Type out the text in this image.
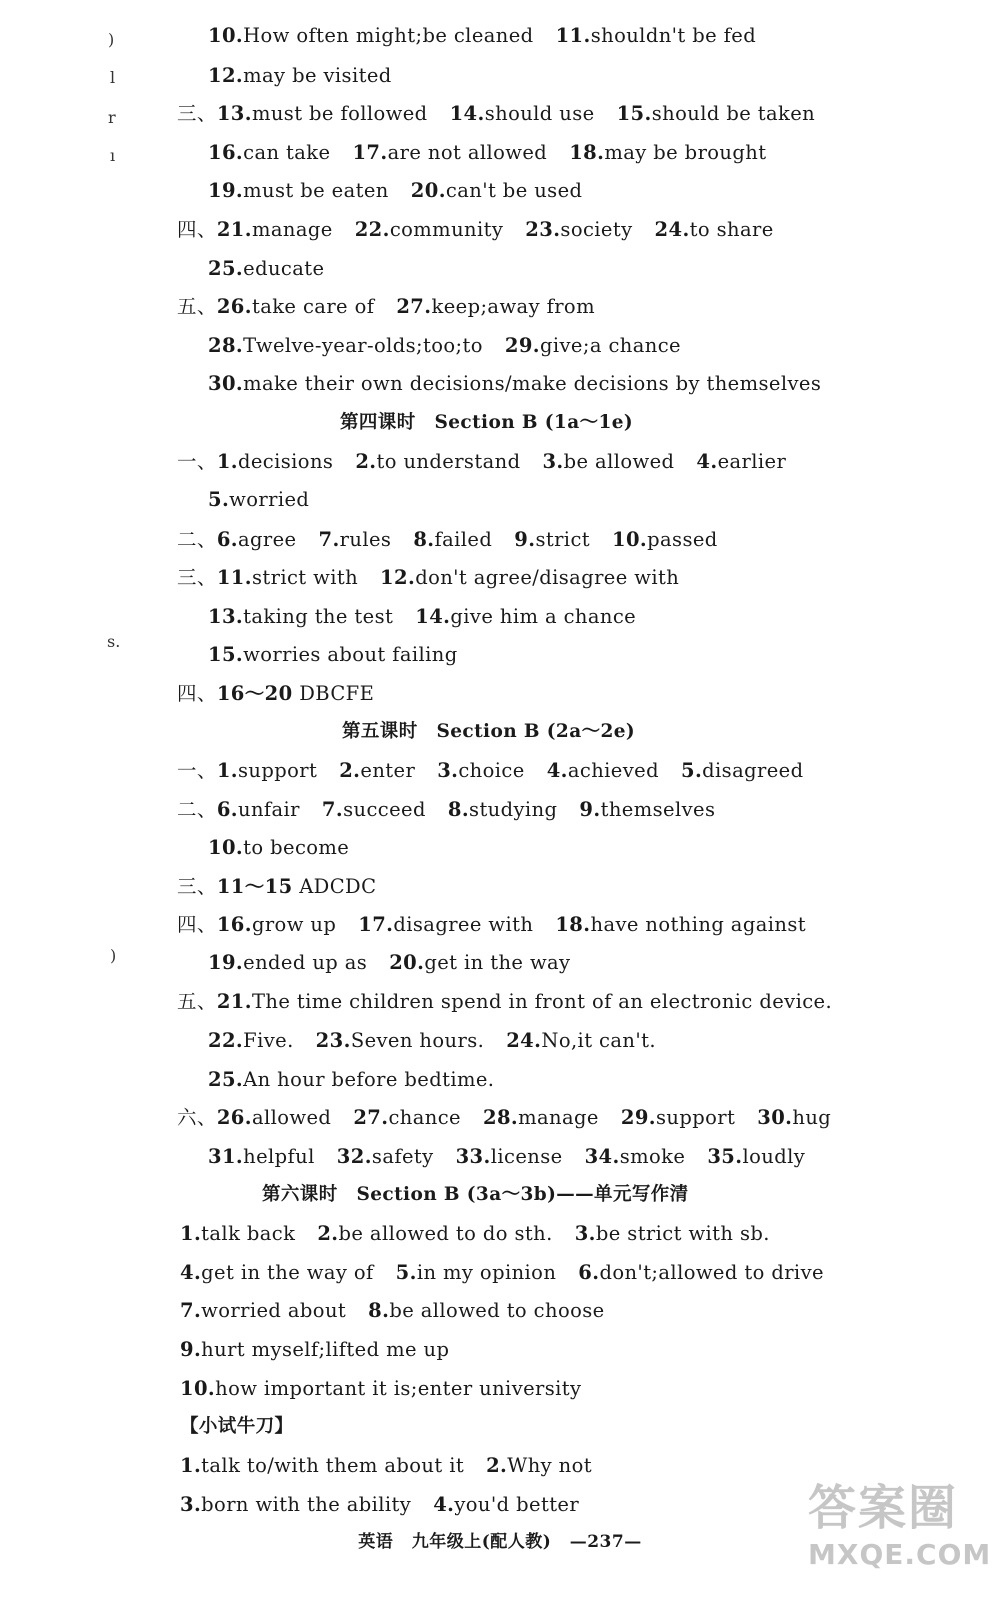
)
l
r
ı
s.
)
10.How often might;be cleaned 11.shouldn't be fed
12.may be visited
三、13.must be followed 14.should use 15.should be taken
16.can take 17.are not allowed 18.may be brought
19.must be eaten 20.can't be used
四、21.manage 22.community 23.society 24.to share
25.educate
五、26.take care of 27.keep;away from
28.Twelve-year-olds;too;to 29.give;a chance
30.make their own decisions/make decisions by themselves
第四课时　Section B (1a～1e)
一、1.decisions 2.to understand 3.be allowed 4.earlier
5.worried
二、6.agree 7.rules 8.failed 9.strict 10.passed
三、11.strict with 12.don't agree/disagree with
13.taking the test 14.give him a chance
15.worries about failing
四、16～20 DBCFE
第五课时　Section B (2a～2e)
一、1.support 2.enter 3.choice 4.achieved 5.disagreed
二、6.unfair 7.succeed 8.studying 9.themselves
10.to become
三、11～15 ADCDC
四、16.grow up 17.disagree with 18.have nothing against
19.ended up as 20.get in the way
五、21.The time children spend in front of an electronic device.
22.Five. 23.Seven hours. 24.No,it can't.
25.An hour before bedtime.
六、26.allowed 27.chance 28.manage 29.support 30.hug
31.helpful 32.safety 33.license 34.smoke 35.loudly
第六课时　Section B (3a～3b)——单元写作清
1.talk back 2.be allowed to do sth. 3.be strict with sb.
4.get in the way of 5.in my opinion 6.don't;allowed to drive
7.worried about 8.be allowed to choose
9.hurt myself;lifted me up
10.how important it is;enter university
【小试牛刀】
1.talk to/with them about it 2.Why not
3.born with the ability 4.you'd better
英语 九年级上(配人教) —237—
答案圈
MXQE.COM
